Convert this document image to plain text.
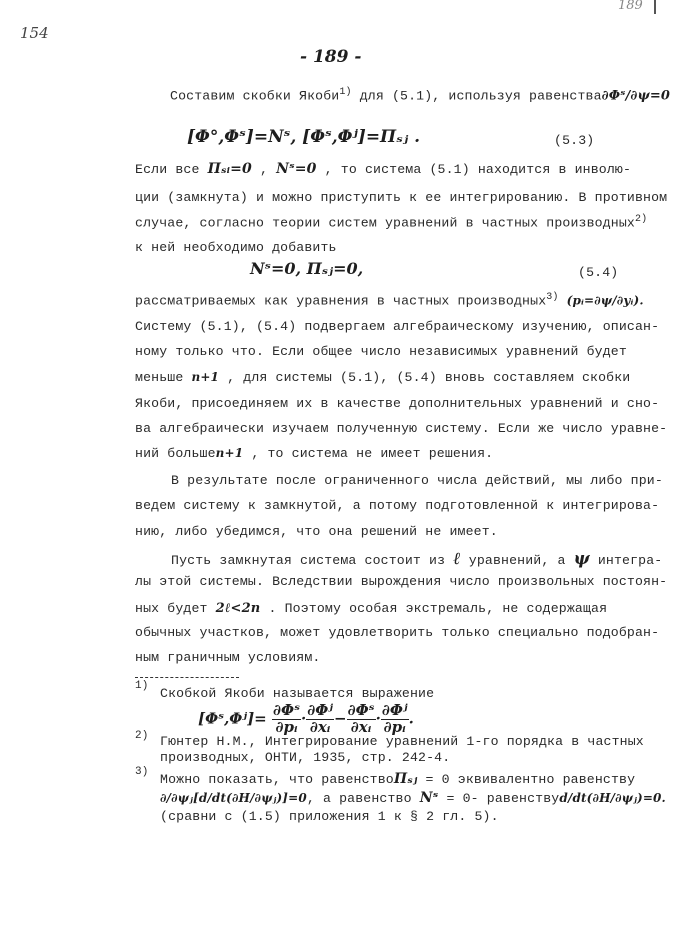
154
189
- 189 -
Составим скобки Якоби$^{1)}$ для (5.1), используя равенства∂Φˢ/∂ψ=0
[Φ°,Φˢ]=Nˢ, [Φˢ,Φʲ]=Πₛⱼ .	(5.3)
Если все Πₛᵢ=0 , Nˢ=0 , то система (5.1) находится в инволю-
ции (замкнута) и можно приступить к ее интегрированию. В противном
случае, согласно теории систем уравнений в частных производных$^{2)}$
к ней необходимо добавить
Nˢ=0, Πₛⱼ=0,	(5.4)
рассматриваемых как уравнения в частных производных$^{3)}$ (pᵢ=∂ψ/∂yᵢ).
Систему (5.1), (5.4) подвергаем алгебраическому изучению, описан-
ному только что. Если общее число независимых уравнений будет
меньше n+1 , для системы (5.1), (5.4) вновь составляем скобки
Якоби, присоединяем их в качестве дополнительных уравнений и сно-
ва алгебраически изучаем полученную систему. Если же число уравне-
ний большеn+1 , то система не имеет решения.
В результате после ограниченного числа действий, мы либо при-
ведем систему к замкнутой, а потому подготовленной к интегрирова-
нию, либо убедимся, что она решений не имеет.
Пусть замкнутая система состоит из ℓ уравнений, а ψ интегра-
лы этой системы. Вследствии вырождения число произвольных постоян-
ных будет 2ℓ<2n . Поэтому особая экстремаль, не содержащая
обычных участков, может удовлетворить только специально подобран-
ным граничным условиям.
1) Скобкой Якоби называется выражение
[Φˢ,Φʲ]= $\frac{\text{∂Φˢ}}{\text{∂pᵢ}} \cdot \frac{\text{∂Φʲ}}{\text{∂xᵢ}} - \frac{\text{∂Φˢ}}{\text{∂xᵢ}} \cdot \frac{\text{∂Φʲ}}{\text{∂pᵢ}}$ .
2) Гюнтер Н.М., Интегрирование уравнений 1-го порядка в частных
производных, ОНТИ, 1935, стр. 242-4.
3) Можно показать, что равенствоΠₛⱼ = 0 эквивалентно равенству
∂/∂ψⱼ[d/dt(∂H/∂ψⱼ)]=0, а равенство Nˢ = 0- равенствуd/dt(∂H/∂ψⱼ)=0.
(сравни с (1.5) приложения 1 к § 2 гл. 5).
